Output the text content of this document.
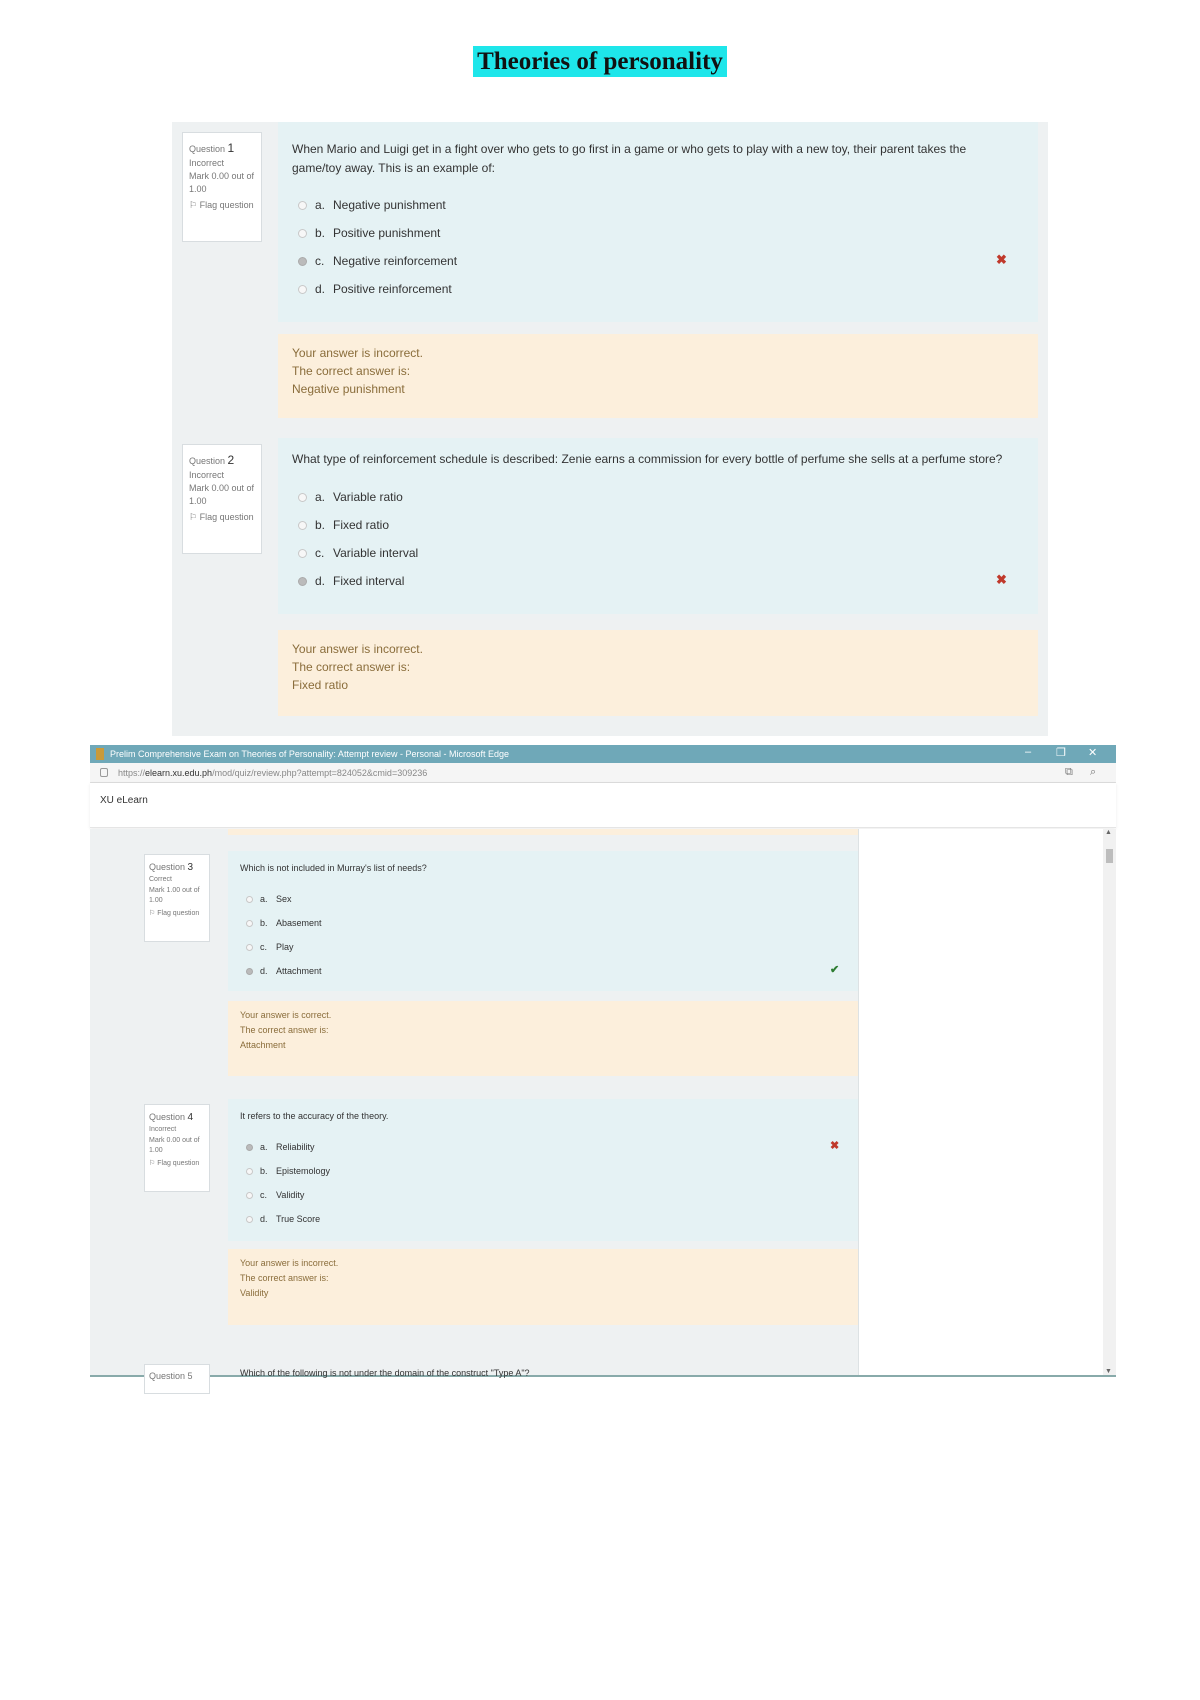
Theories of personality
Question 1
Incorrect
Mark 0.00 out of 1.00
⚐ Flag question
When Mario and Luigi get in a fight over who gets to go first in a game or who gets to play with a new toy, their parent takes the game/toy away. This is an example of:
a. Negative punishment
b. Positive punishment
c. Negative reinforcement
d. Positive reinforcement
✖
Your answer is incorrect.
The correct answer is:
Negative punishment
Question 2
Incorrect
Mark 0.00 out of 1.00
⚐ Flag question
What type of reinforcement schedule is described: Zenie earns a commission for every bottle of perfume she sells at a perfume store?
a. Variable ratio
b. Fixed ratio
c. Variable interval
d. Fixed interval	✖
Your answer is incorrect.
The correct answer is:
Fixed ratio
Prelim Comprehensive Exam on Theories of Personality: Attempt review - Personal - Microsoft Edge	– ❐ ✕
https://elearn.xu.edu.ph/mod/quiz/review.php?attempt=824052&cmid=309236	⧉ ⌕
XU eLearn
Question 3
Correct
Mark 1.00 out of 1.00
⚐ Flag question
Which is not included in Murray's list of needs?
a. Sex
b. Abasement
c. Play
d. Attachment	✔
Your answer is correct.
The correct answer is:
Attachment
Question 4
Incorrect
Mark 0.00 out of 1.00
⚐ Flag question
It refers to the accuracy of the theory.
a. Reliability
b. Epistemology
c. Validity
d. True Score
✖
Your answer is incorrect.
The correct answer is:
Validity
Question 5	Which of the following is not under the domain of the construct "Type A"?
▲
▼
